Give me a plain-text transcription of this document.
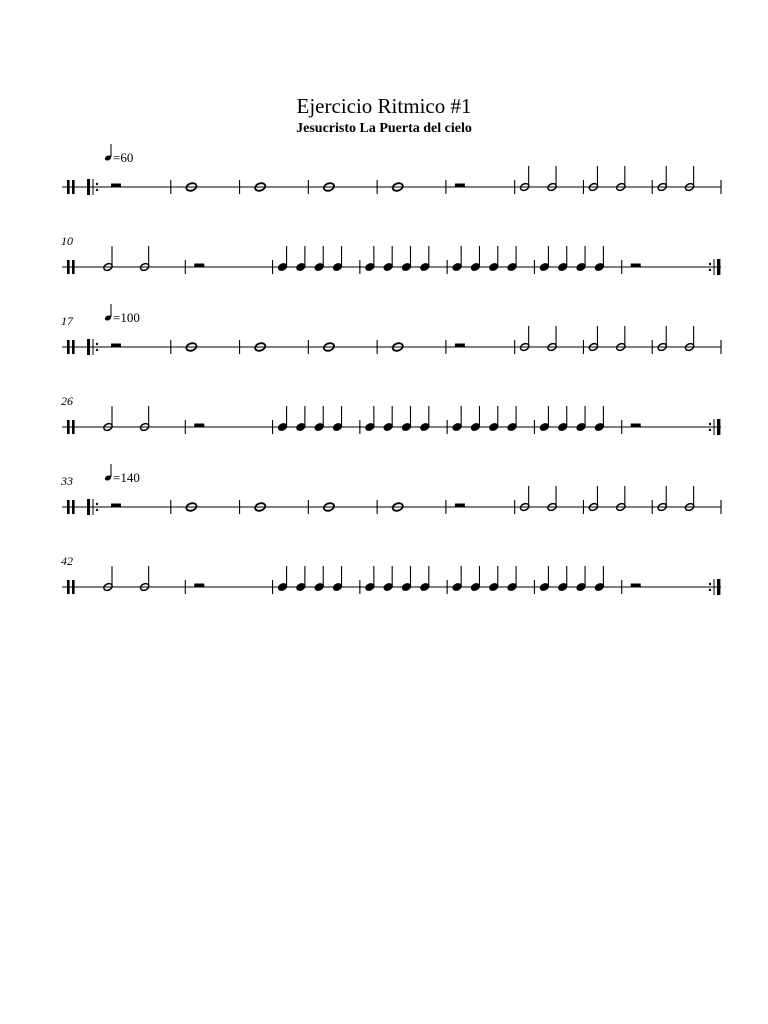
Ejercicio Ritmico #1
Jesucristo La Puerta del cielo
=60
10
17	=100
26
33	=140
42
